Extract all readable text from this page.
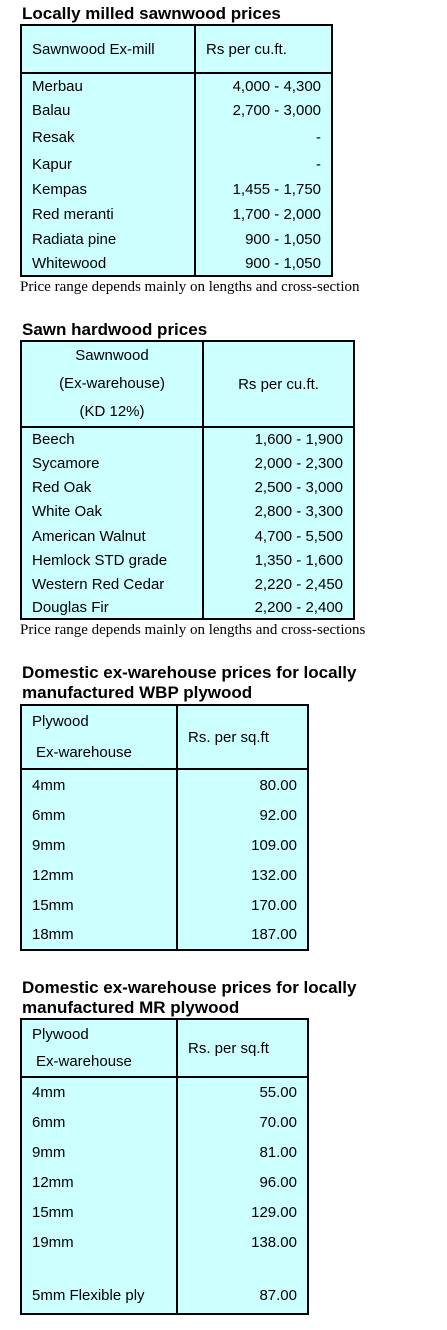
Locally milled sawnwood prices
Sawnwood Ex-mill	Rs per cu.ft.
Merbau	4,000 - 4,300
Balau	2,700 - 3,000
Resak	-
Kapur	-
Kempas	1,455 - 1,750
Red meranti	1,700 - 2,000
Radiata pine	900 - 1,050
Whitewood	900 - 1,050

Price range depends mainly on lengths and cross-section

Sawn hardwood prices
Sawnwood
(Ex-warehouse)
(KD 12%)	Rs per cu.ft.
Beech	1,600 - 1,900
Sycamore	2,000 - 2,300
Red Oak	2,500 - 3,000
White Oak	2,800 - 3,300
American Walnut	4,700 - 5,500
Hemlock STD grade	1,350 - 1,600
Western Red Cedar	2,220 - 2,450
Douglas Fir	2,200 - 2,400

Price range depends mainly on lengths and cross-sections

Domestic ex-warehouse prices for locally
manufactured WBP plywood
Plywood
Ex-warehouse	Rs. per sq.ft
4mm	80.00
6mm	92.00
9mm	109.00
12mm	132.00
15mm	170.00
18mm	187.00
Domestic ex-warehouse prices for locally
manufactured MR plywood
Plywood
Ex-warehouse	Rs. per sq.ft
4mm	55.00
6mm	70.00
9mm	81.00
12mm	96.00
15mm	129.00
19mm	138.00
5mm Flexible ply	87.00
